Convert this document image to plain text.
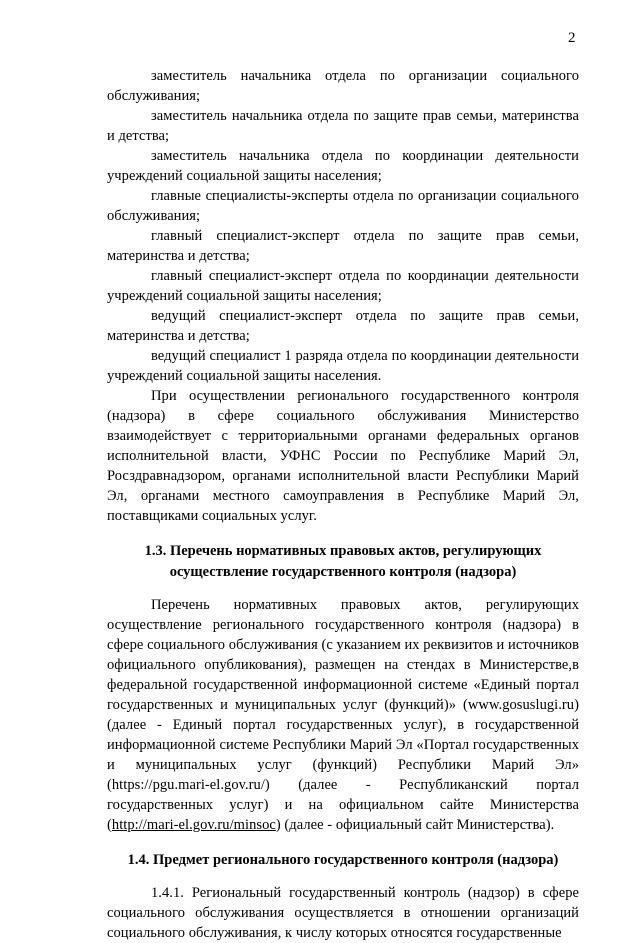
2

заместитель начальника отдела по организации социального обслуживания;

заместитель начальника отдела по защите прав семьи, материнства и детства;

заместитель начальника отдела по координации деятельности учреждений социальной защиты населения;

главные специалисты-эксперты отдела по организации социального обслуживания;

главный специалист-эксперт отдела по защите прав семьи, материнства и детства;

главный специалист-эксперт отдела по координации деятельности учреждений социальной защиты населения;

ведущий специалист-эксперт отдела по защите прав семьи, материнства и детства;

ведущий специалист 1 разряда отдела по координации деятельности учреждений социальной защиты населения.

При осуществлении регионального государственного контроля (надзора) в сфере социального обслуживания Министерство взаимодействует с территориальными органами федеральных органов исполнительной власти, УФНС России по Республике Марий Эл, Росздравнадзором, органами исполнительной власти Республики Марий Эл, органами местного самоуправления в Республике Марий Эл, поставщиками социальных услуг.

1.3. Перечень нормативных правовых актов, регулирующих
осуществление государственного контроля (надзора)

Перечень нормативных правовых актов, регулирующих осуществление регионального государственного контроля (надзора) в сфере социального обслуживания (с указанием их реквизитов и источников официального опубликования), размещен на стендах в Министерстве,в федеральной государственной информационной системе «Единый портал государственных и муниципальных услуг (функций)» (www.gosuslugi.ru) (далее - Единый портал государственных услуг), в государственной информационной системе Республики Марий Эл «Портал государственных и муниципальных услуг (функций) Республики Марий Эл» (https://pgu.mari-el.gov.ru/) (далее - Республиканский портал государственных услуг) и на официальном сайте Министерства (http://mari-el.gov.ru/minsoc) (далее - официальный сайт Министерства).

1.4. Предмет регионального государственного контроля (надзора)

1.4.1. Региональный государственный контроль (надзор) в сфере социального обслуживания осуществляется в отношении организаций социального обслуживания, к числу которых относятся государственные
